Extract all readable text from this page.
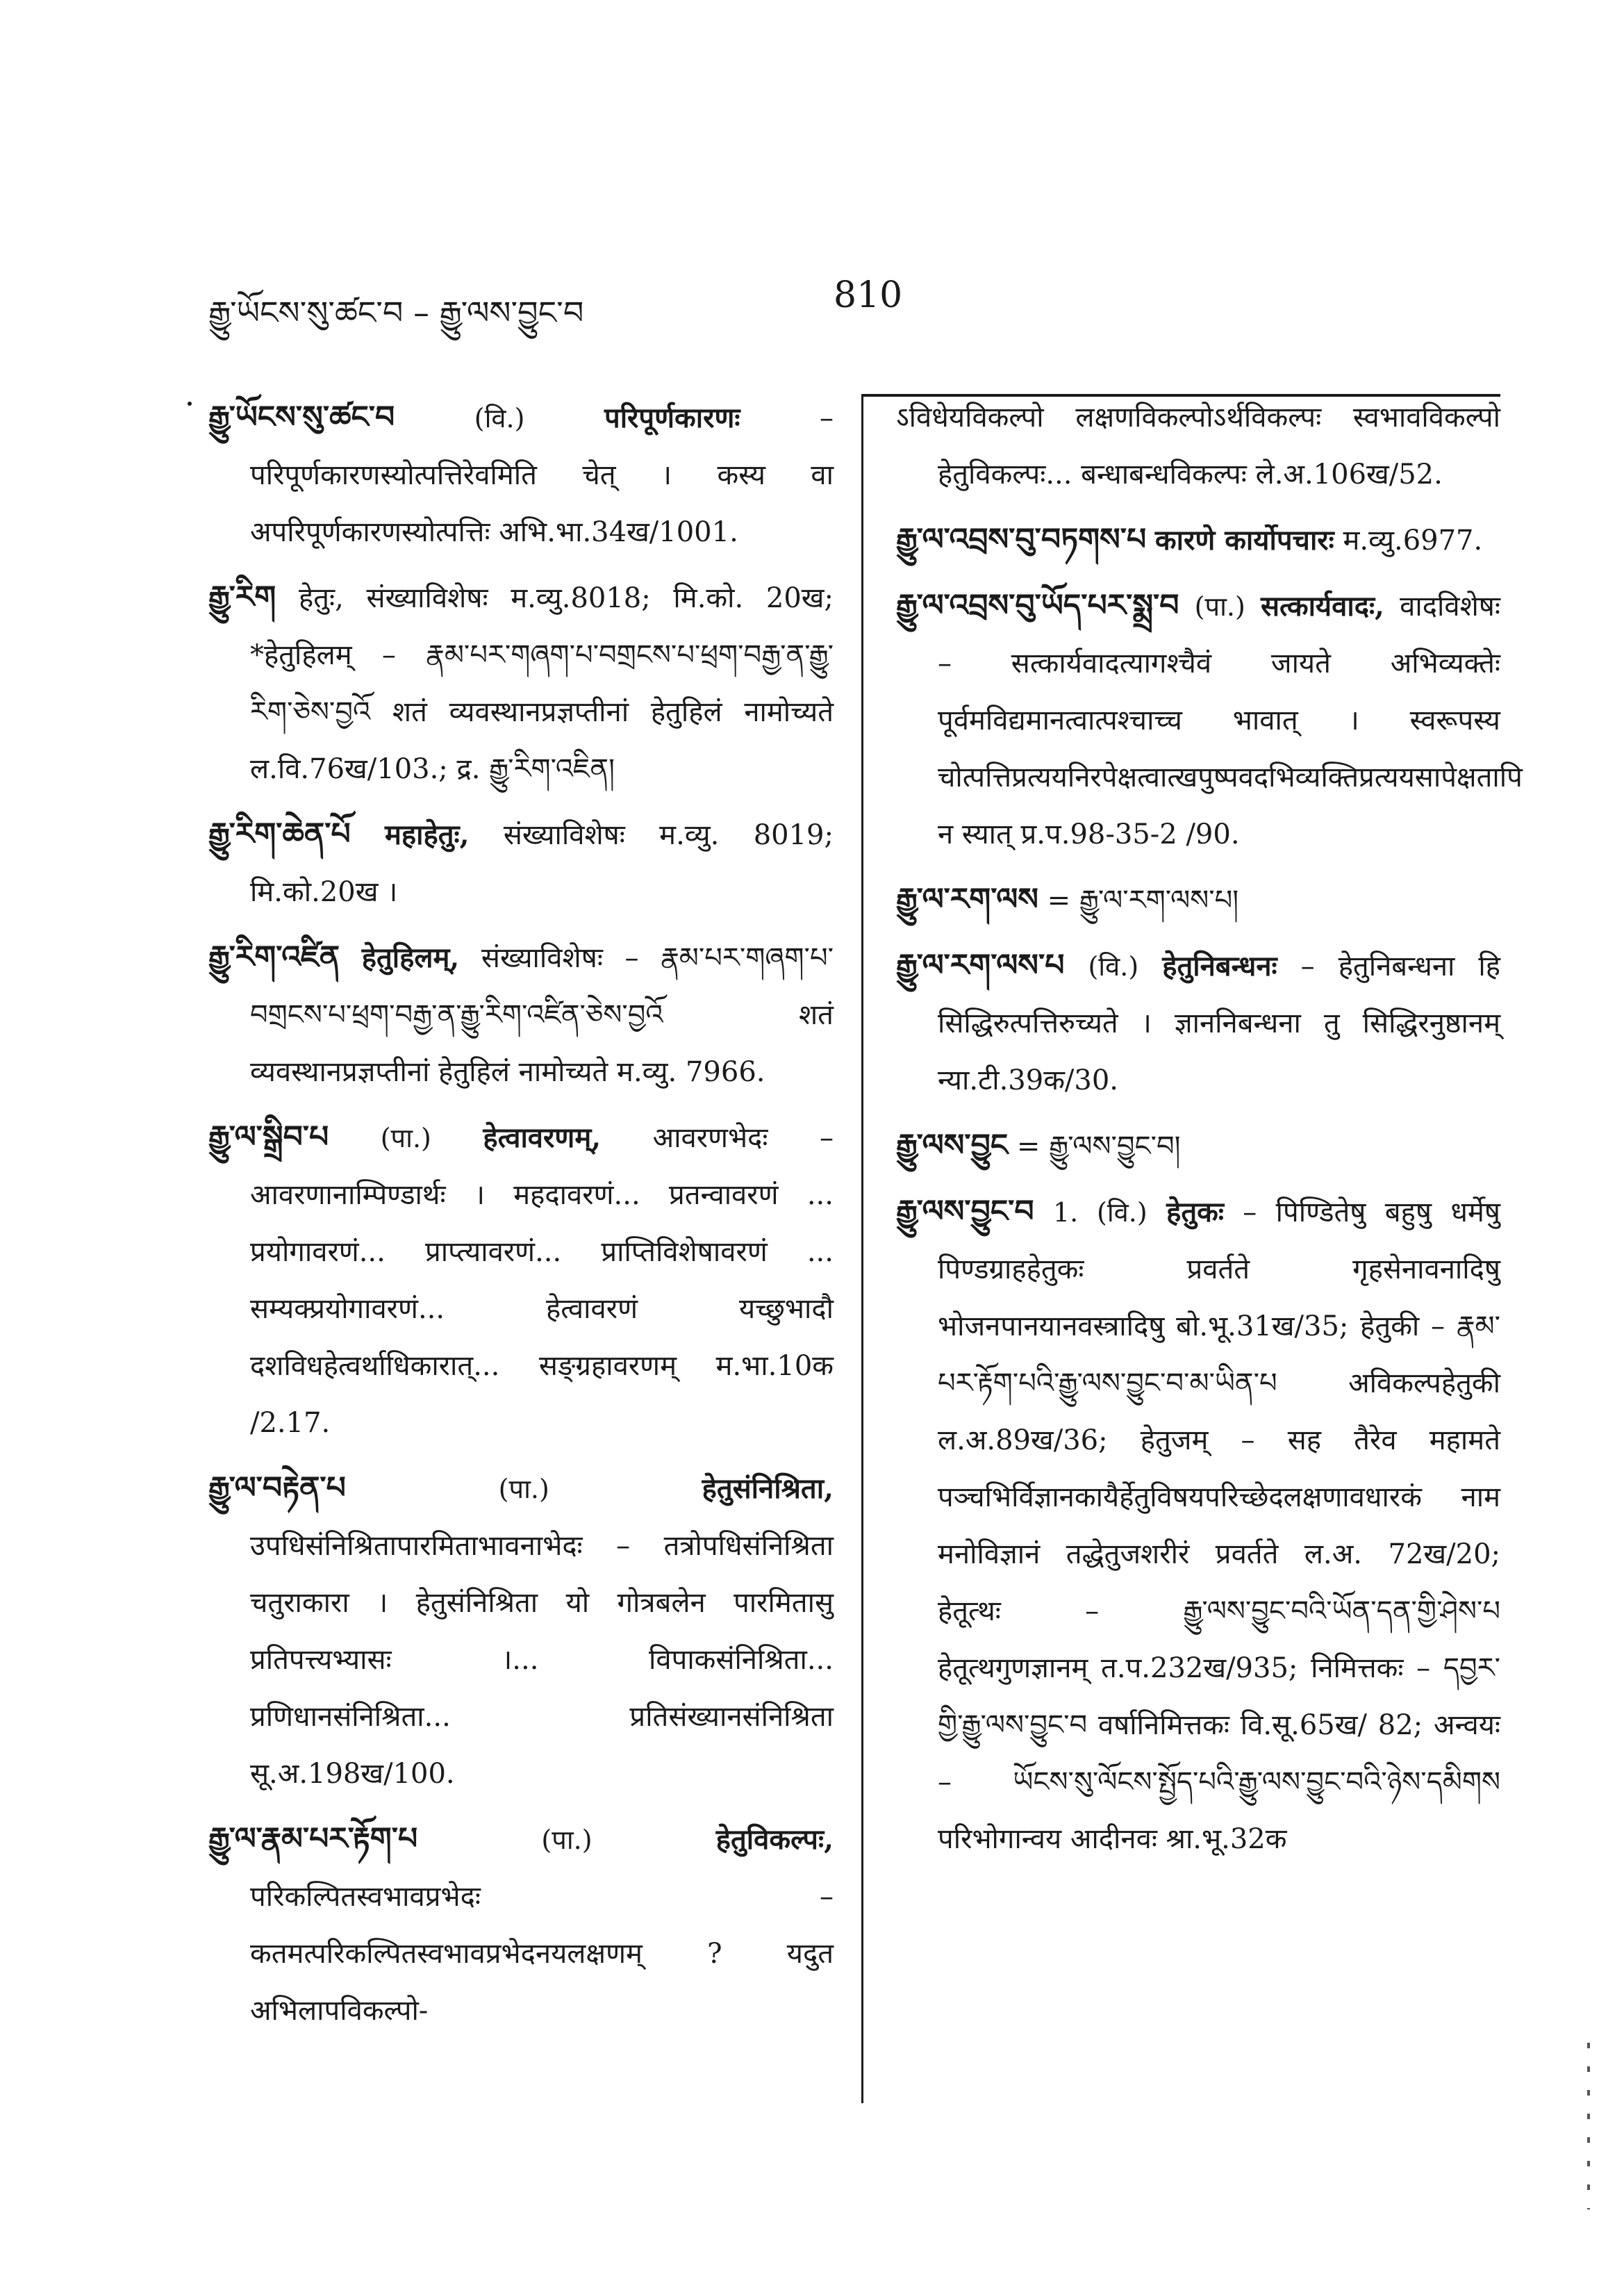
རྒྱུ་ཡོངས་སུ་ཚང་བ – རྒྱུ་ལས་བྱུང་བ	810

རྒྱུ་ཡོངས་སུ་ཚང་བ	(वि.)	परिपूर्णकारणः	– परिपूर्णकारणस्योत्पत्तिरेवमिति चेत् । कस्य वा अपरिपूर्णकारणस्योत्पत्तिः अभि.भा.34ख/1001.

རྒྱུ་རིག हेतुः, संख्याविशेषः म.व्यु.8018; मि.को. 20ख; *हेतुहिलम् – རྣམ་པར་གཞག་པ་བགྲངས་པ་ཕྲག་བརྒྱ་ན་རྒྱུ་རིག་ཅེས་བྱའོ शतं व्यवस्थानप्रज्ञप्तीनां हेतुहिलं नामोच्यते ल.वि.76ख/103.; द्र. རྒྱུ་རིག་འཇིན།

རྒྱུ་རིག་ཆེན་པོ महाहेतुः, संख्याविशेषः म.व्यु. 8019; मि.को.20ख ।

རྒྱུ་རིག་འཛིན हेतुहिलम्, संख्याविशेषः – རྣམ་པར་གཞག་པ་བགྲངས་པ་ཕྲག་བརྒྱ་ན་རྒྱུ་རིག་འཛིན་ཅེས་བྱའོ शतं व्यवस्थानप्रज्ञप्तीनां हेतुहिलं नामोच्यते म.व्यु. 7966.

རྒྱུ་ལ་སྒྲིབ་པ (पा.) हेत्वावरणम्, आवरणभेदः – आवरणानाम्पिण्डार्थः । महदावरणं... प्रतन्वावरणं ... प्रयोगावरणं... प्राप्त्यावरणं... प्राप्तिविशेषावरणं ... सम्यक्प्रयोगावरणं... हेत्वावरणं यच्छुभादौ दशविधहेत्वर्थाधिकारात्... सङ्ग्रहावरणम् म.भा.10क /2.17.

རྒྱུ་ལ་བརྟེན་པ	(पा.)	हेतुसंनिश्रिता, उपधिसंनिश्रितापारमिताभावनाभेदः – तत्रोपधिसंनिश्रिता चतुराकारा । हेतुसंनिश्रिता यो गोत्रबलेन पारमितासु प्रतिपत्त्यभ्यासः ।... विपाकसंनिश्रिता... प्रणिधानसंनिश्रिता... प्रतिसंख्यानसंनिश्रिता सू.अ.198ख/100.

རྒྱུ་ལ་རྣམ་པར་རྟོག་པ	(पा.)	हेतुविकल्पः, परिकल्पितस्वभावप्रभेदः – कतमत्परिकल्पितस्वभावप्रभेदनयलक्षणम् ? यदुत अभिलापविकल्पो-

ऽविधेयविकल्पो लक्षणविकल्पोऽर्थविकल्पः स्वभावविकल्पो हेतुविकल्पः... बन्धाबन्धविकल्पः ले.अ.106ख/52.

རྒྱུ་ལ་འབྲས་བུ་བཏགས་པ कारणे कार्योपचारः म.व्यु.6977.

རྒྱུ་ལ་འབྲས་བུ་ཡོད་པར་སྨྲ་བ (पा.) सत्कार्यवादः, वादविशेषः – सत्कार्यवादत्यागश्चैवं जायते अभिव्यक्तेः पूर्वमविद्यमानत्वात्पश्चाच्च भावात् । स्वरूपस्य चोत्पत्तिप्रत्ययनिरपेक्षत्वात्खपुष्पवदभिव्यक्तिप्रत्ययसापेक्षतापि न स्यात् प्र.प.98-35-2 /90.

རྒྱུ་ལ་རག་ལས = རྒྱུ་ལ་རག་ལས་པ།

རྒྱུ་ལ་རག་ལས་པ (वि.) हेतुनिबन्धनः – हेतुनिबन्धना हि सिद्धिरुत्पत्तिरुच्यते । ज्ञाननिबन्धना तु सिद्धिरनुष्ठानम् न्या.टी.39क/30.

རྒྱུ་ལས་བྱུང = རྒྱུ་ལས་བྱུང་བ།

རྒྱུ་ལས་བྱུང་བ 1. (वि.) हेतुकः – पिण्डितेषु बहुषु धर्मेषु पिण्डग्राहहेतुकः प्रवर्तते गृहसेनावनादिषु भोजनपानयानवस्त्रादिषु बो.भू.31ख/35; हेतुकी – རྣམ་པར་རྟོག་པའི་རྒྱུ་ལས་བྱུང་བ་མ་ཡིན་པ अविकल्पहेतुकी ल.अ.89ख/36; हेतुजम् – सह तैरेव महामते पञ्चभिर्विज्ञानकायैर्हेतुविषयपरिच्छेदलक्षणावधारकं नाम मनोविज्ञानं तद्धेतुजशरीरं प्रवर्तते ल.अ. 72ख/20; हेतूत्थः – རྒྱུ་ལས་བྱུང་བའི་ཡོན་དན་གྱི་ཤེས་པ हेतूत्थगुणज्ञानम् त.प.232ख/935; निमित्तकः – དབྱར་གྱི་རྒྱུ་ལས་བྱུང་བ वर्षानिमित्तकः वि.सू.65ख/ 82; अन्वयः – ཡོངས་སུ་ལོངས་སྤྱོད་པའི་རྒྱུ་ལས་བྱུང་བའི་ཉེས་དམིགས परिभोगान्वय आदीनवः श्रा.भू.32क
